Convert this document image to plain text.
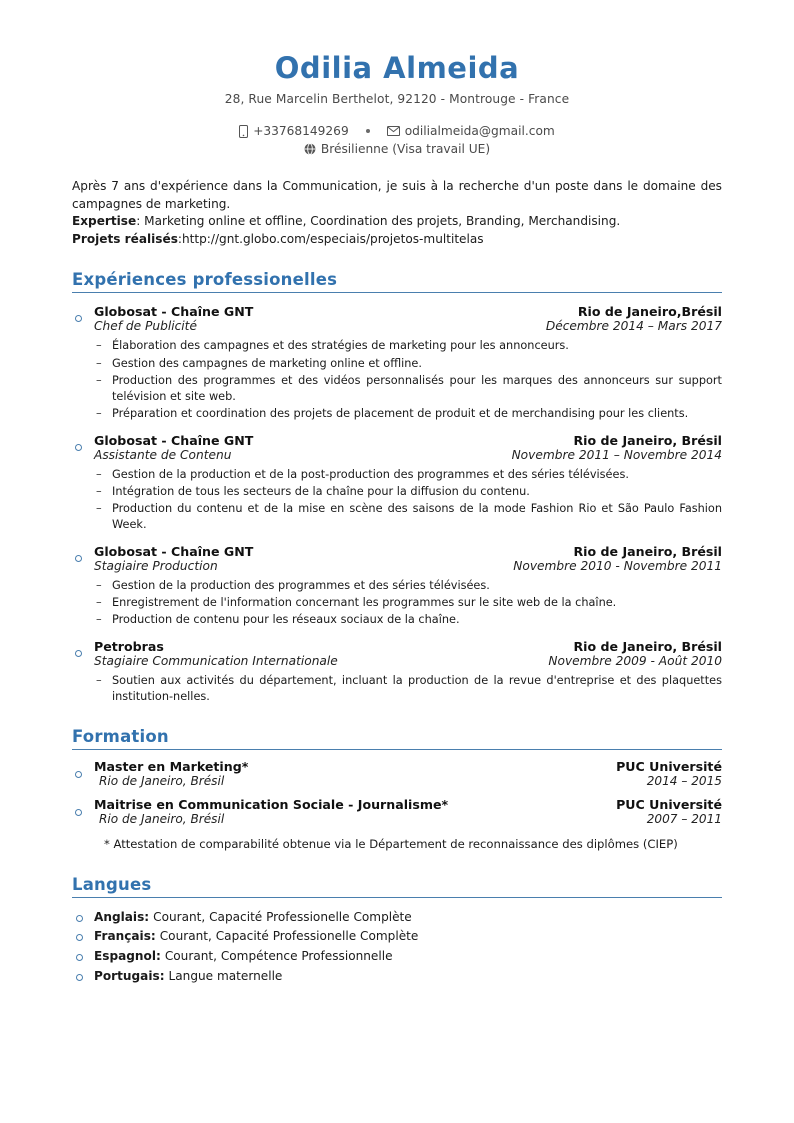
Odilia Almeida
28, Rue Marcelin Berthelot, 92120 - Montrouge - France
+33768149269	odilialmeida@gmail.com
Brésilienne (Visa travail UE)

Après 7 ans d'expérience dans la Communication, je suis à la recherche d'un poste dans le domaine des campagnes de marketing.

Expertise: Marketing online et offline, Coordination des projets, Branding, Merchandising.

Projets réalisés:http://gnt.globo.com/especiais/projetos-multitelas

Expériences professionelles
Globosat - Chaîne GNT	Rio de Janeiro,Brésil
Chef de Publicité	Décembre 2014 – Mars 2017
– Élaboration des campagnes et des stratégies de marketing pour les annonceurs.
– Gestion des campagnes de marketing online et offline.
– Production des programmes et des vidéos personnalisés pour les marques des annonceurs sur support telévision et site web.
– Préparation et coordination des projets de placement de produit et de merchandising pour les clients.
Globosat - Chaîne GNT	Rio de Janeiro, Brésil
Assistante de Contenu	Novembre 2011 – Novembre 2014
– Gestion de la production et de la post-production des programmes et des séries télévisées.
– Intégration de tous les secteurs de la chaîne pour la diffusion du contenu.
– Production du contenu et de la mise en scène des saisons de la mode Fashion Rio et São Paulo Fashion Week.
Globosat - Chaîne GNT	Rio de Janeiro, Brésil
Stagiaire Production	Novembre 2010 - Novembre 2011
– Gestion de la production des programmes et des séries télévisées.
– Enregistrement de l'information concernant les programmes sur le site web de la chaîne.
– Production de contenu pour les réseaux sociaux de la chaîne.
Petrobras	Rio de Janeiro, Brésil
Stagiaire Communication Internationale	Novembre 2009 - Août 2010
– Soutien aux activités du département, incluant la production de la revue d'entreprise et des plaquettes institution-nelles.
Formation
Master en Marketing*	PUC Université
Rio de Janeiro, Brésil	2014 – 2015
Maitrise en Communication Sociale - Journalisme*	PUC Université
Rio de Janeiro, Brésil	2007 – 2011
* Attestation de comparabilité obtenue via le Département de reconnaissance des diplômes (CIEP)
Langues
Anglais: Courant, Capacité Professionelle Complète
Français: Courant, Capacité Professionelle Complète
Espagnol: Courant, Compétence Professionnelle
Portugais: Langue maternelle
